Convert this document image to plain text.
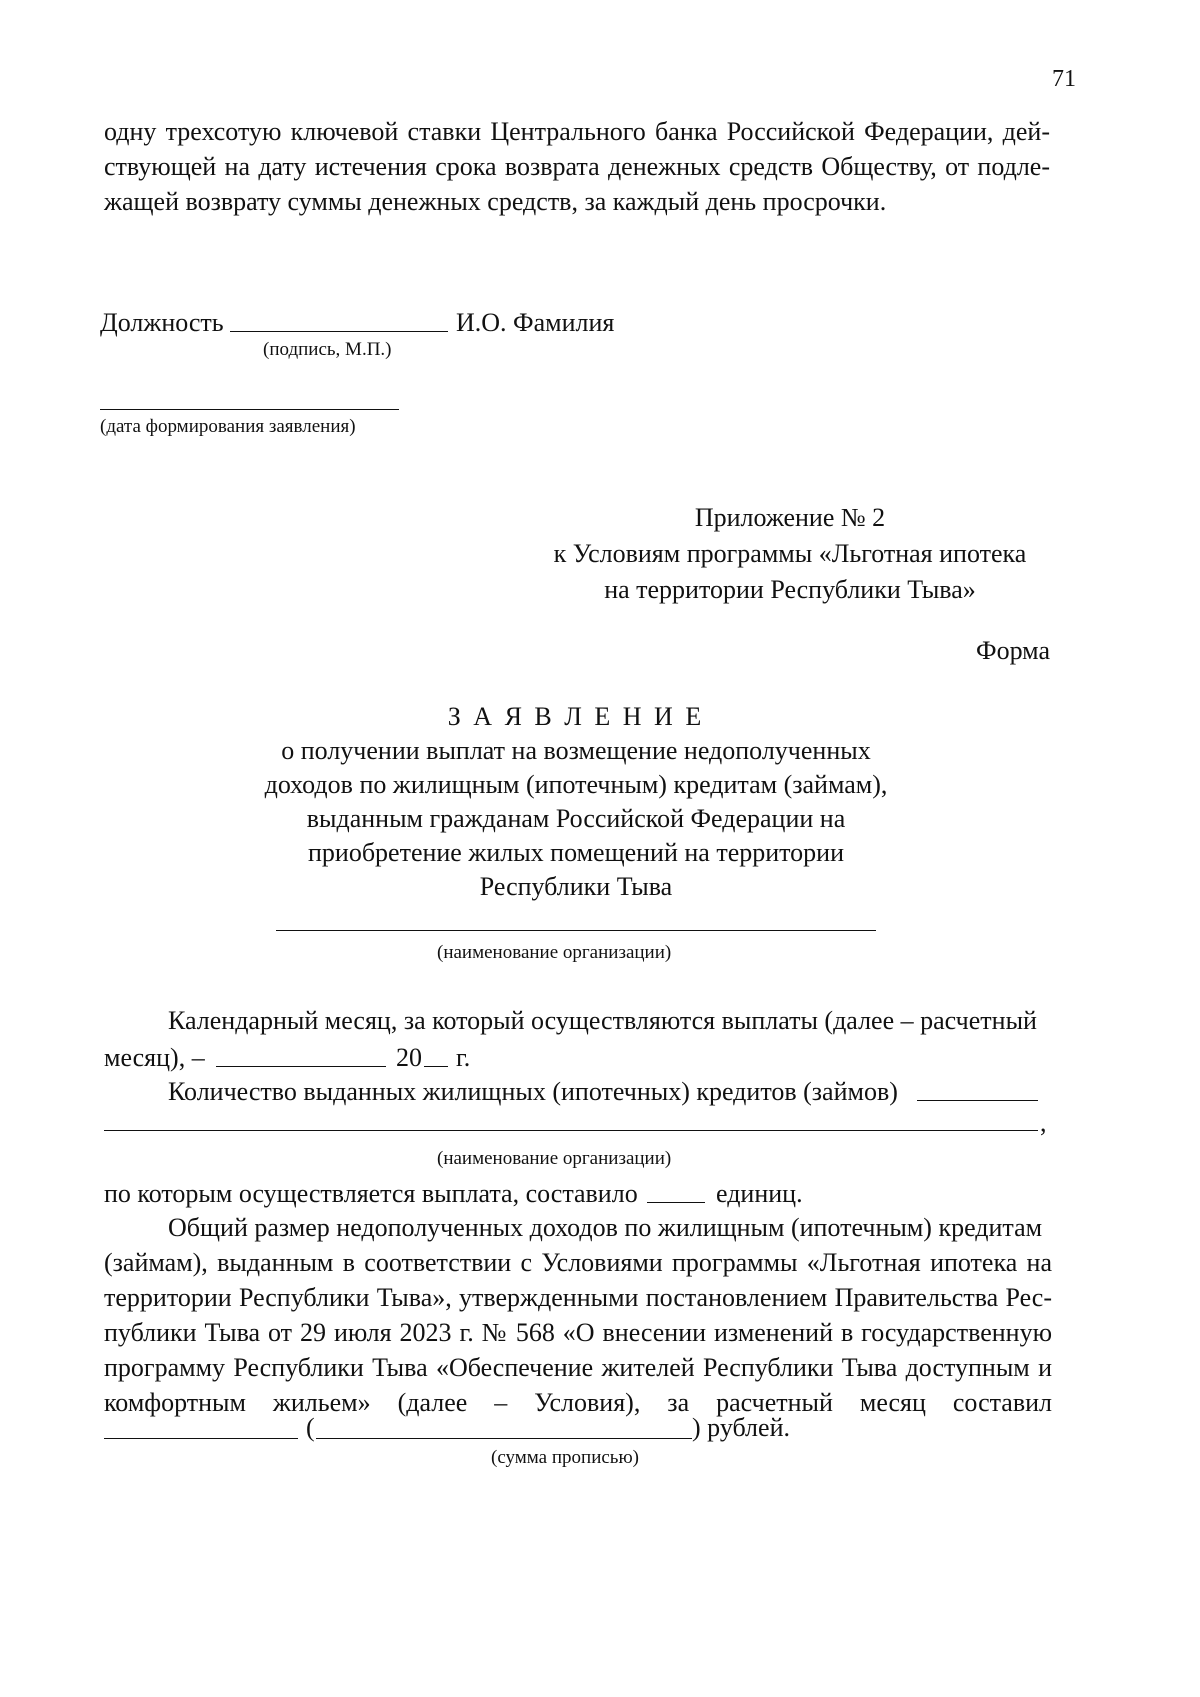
71
одну трехсотую ключевой ставки Центрального банка Российской Федерации, дей-
ствующей на дату истечения срока возврата денежных средств Обществу, от подле-
жащей возврату суммы денежных средств, за каждый день просрочки.
Должность	И.О. Фамилия
(подпись, М.П.)
(дата формирования заявления)
Приложение № 2
к Условиям программы «Льготная ипотека
на территории Республики Тыва»
Форма
З А Я В Л Е Н И Е
о получении выплат на возмещение недополученных
доходов по жилищным (ипотечным) кредитам (займам),
выданным гражданам Российской Федерации на
приобретение жилых помещений на территории
Республики Тыва
(наименование организации)
Календарный месяц, за который осуществляются выплаты (далее – расчетный
месяц), –	20 г.
Количество выданных жилищных (ипотечных) кредитов (займов)
,
(наименование организации)
по которым осуществляется выплата, составило	единиц.
Общий размер недополученных доходов по жилищным (ипотечным) кредитам
(займам), выданным в соответствии с Условиями программы «Льготная ипотека на
территории Республики Тыва», утвержденными постановлением Правительства Рес-
публики Тыва от 29 июля 2023 г. № 568 «О внесении изменений в государственную
программу Республики Тыва «Обеспечение жителей Республики Тыва доступным и
комфортным жильем» (далее – Условия), за расчетный месяц составил
(	) рублей.
(сумма прописью)
